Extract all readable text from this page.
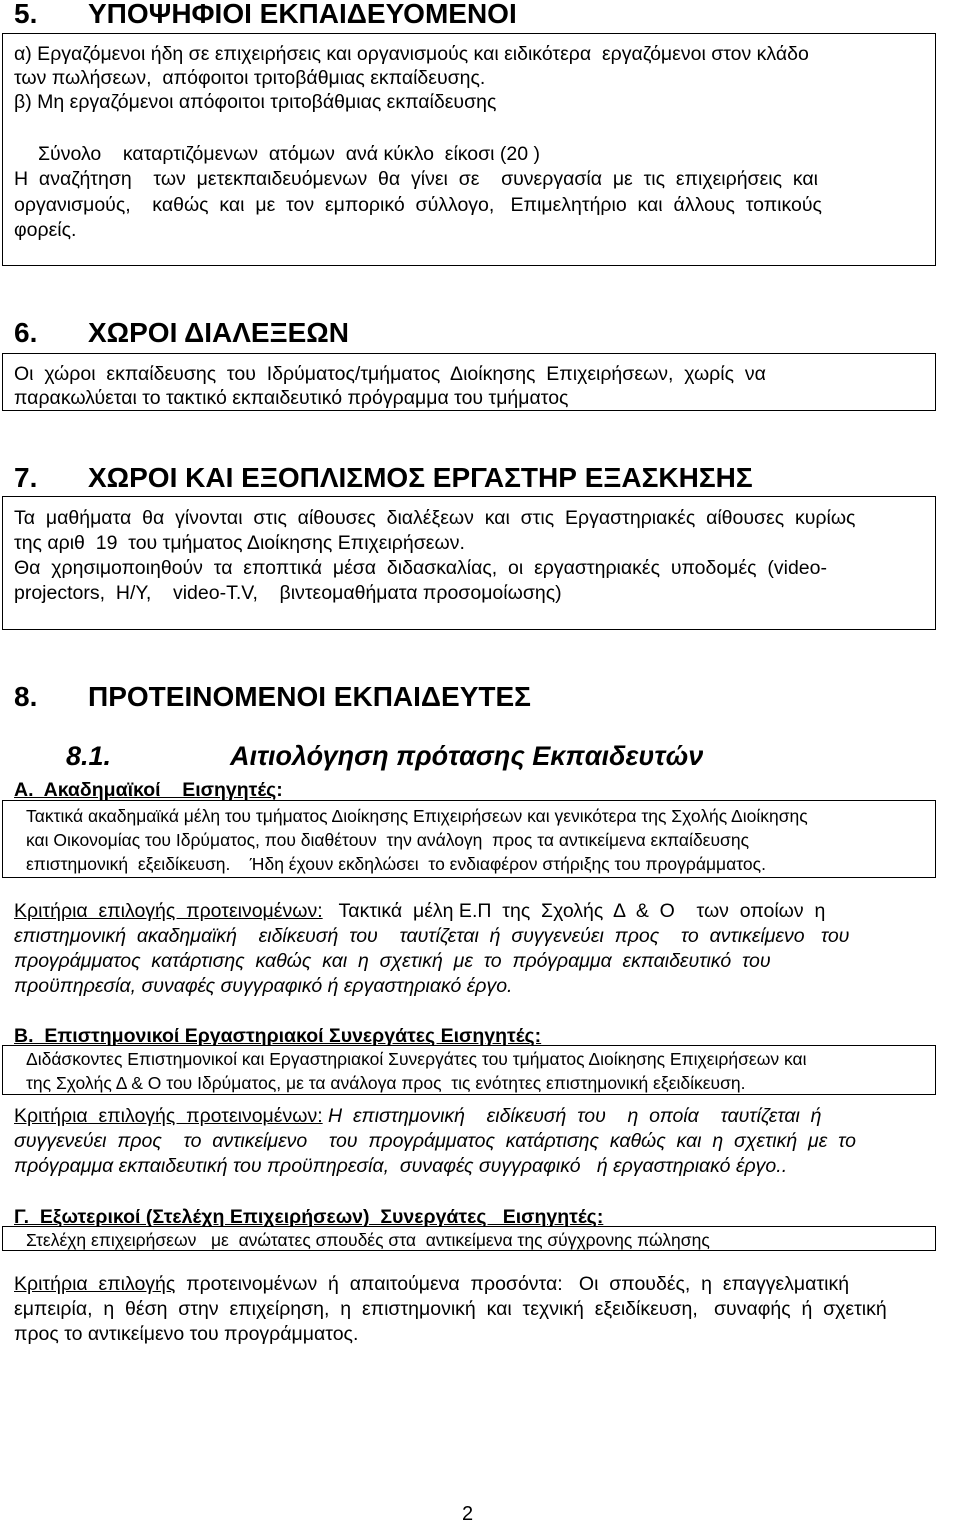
5. ΥΠΟΨΗΦΙΟΙ ΕΚΠΑΙΔΕΥΟΜΕΝΟΙ
α) Εργαζόμενοι ήδη σε επιχειρήσεις και οργανισμούς και ειδικότερα  εργαζόμενοι στον κλάδο
των πωλήσεων,  απόφοιτοι τριτοβάθμιας εκπαίδευσης.
β) Μη εργαζόμενοι απόφοιτοι τριτοβάθμιας εκπαίδευσης
Σύνολο    καταρτιζόμενων  ατόμων  ανά κύκλο  είκοσι (20 )
Η  αναζήτηση    των  μετεκπαιδευόμενων  θα  γίνει  σε    συνεργασία  με  τις  επιχειρήσεις  και
οργανισμούς,    καθώς  και  με  τον  εμπορικό  σύλλογο,   Επιμελητήριο  και  άλλους  τοπικούς
φορείς.
6. ΧΩΡΟΙ ΔΙΑΛΕΞΕΩΝ
Οι  χώροι  εκπαίδευσης  του  Ιδρύματος/τμήματος  Διοίκησης  Επιχειρήσεων,  χωρίς  να
παρακωλύεται το τακτικό εκπαιδευτικό πρόγραμμα του τμήματος
7. ΧΩΡΟΙ ΚΑΙ ΕΞΟΠΛΙΣΜΟΣ ΕΡΓΑΣΤΗΡ ΕΞΑΣΚΗΣΗΣ
Τα  μαθήματα  θα  γίνονται  στις  αίθουσες  διαλέξεων  και  στις  Εργαστηριακές  αίθουσες  κυρίως
της αριθ  19  του τμήματος Διοίκησης Επιχειρήσεων.
Θα  χρησιμοποιηθούν  τα  εποπτικά  μέσα  διδασκαλίας,  οι  εργαστηριακές  υποδομές  (video-
projectors,  Η/Υ,    video-T.V,    βιντεομαθήματα προσομοίωσης)
8. ΠΡΟΤΕΙΝΟΜΕΝΟΙ ΕΚΠΑΙΔΕΥΤΕΣ
8.1.	Αιτιολόγηση πρότασης Εκπαιδευτών
Α.  Ακαδημαϊκοί    Εισηγητές:
Τακτικά ακαδημαϊκά μέλη του τμήματος Διοίκησης Επιχειρήσεων και γενικότερα της Σχολής Διοίκησης
και Οικονομίας του Ιδρύματος, που διαθέτουν  την ανάλογη  προς τα αντικείμενα εκπαίδευσης
επιστημονική  εξειδίκευση.    Ήδη έχουν εκδηλώσει  το ενδιαφέρον στήριξης του προγράμματος.
Κριτήρια  επιλογής  προτεινομένων:   Τακτικά  μέλη Ε.Π  της  Σχολής  Δ  &  Ο    των  οποίων  η
επιστημονική  ακαδημαϊκή    ειδίκευσή  του    ταυτίζεται  ή  συγγενεύει  προς    το  αντικείμενο   του
προγράμματος  κατάρτισης  καθώς  και  η  σχετική  με  το  πρόγραμμα  εκπαιδευτικό  του
προϋπηρεσία, συναφές συγγραφικό ή εργαστηριακό έργο.
Β.  Επιστημονικοί Εργαστηριακοί Συνεργάτες Εισηγητές:
Διδάσκοντες Επιστημονικοί και Εργαστηριακοί Συνεργάτες του τμήματος Διοίκησης Επιχειρήσεων και
της Σχολής Δ & Ο του Ιδρύματος, με τα ανάλογα προς  τις ενότητες επιστημονική εξειδίκευση.
Κριτήρια  επιλογής  προτεινομένων: Η  επιστημονική    ειδίκευσή  του    η  οποία    ταυτίζεται  ή
συγγενεύει  προς    το  αντικείμενο    του  προγράμματος  κατάρτισης  καθώς  και  η  σχετική  με  το
πρόγραμμα εκπαιδευτική του προϋπηρεσία,  συναφές συγγραφικό   ή εργαστηριακό έργο..
Γ.  Εξωτερικοί (Στελέχη Επιχειρήσεων)  Συνεργάτες   Εισηγητές:
Στελέχη επιχειρήσεων   με  ανώτατες σπουδές στα  αντικείμενα της σύγχρονης πώλησης
Κριτήρια  επιλογής  προτεινομένων  ή  απαιτούμενα  προσόντα:   Οι  σπουδές,  η  επαγγελματική
εμπειρία,  η  θέση  στην  επιχείρηση,  η  επιστημονική  και  τεχνική  εξειδίκευση,   συναφής  ή  σχετική
προς το αντικείμενο του προγράμματος.
2
